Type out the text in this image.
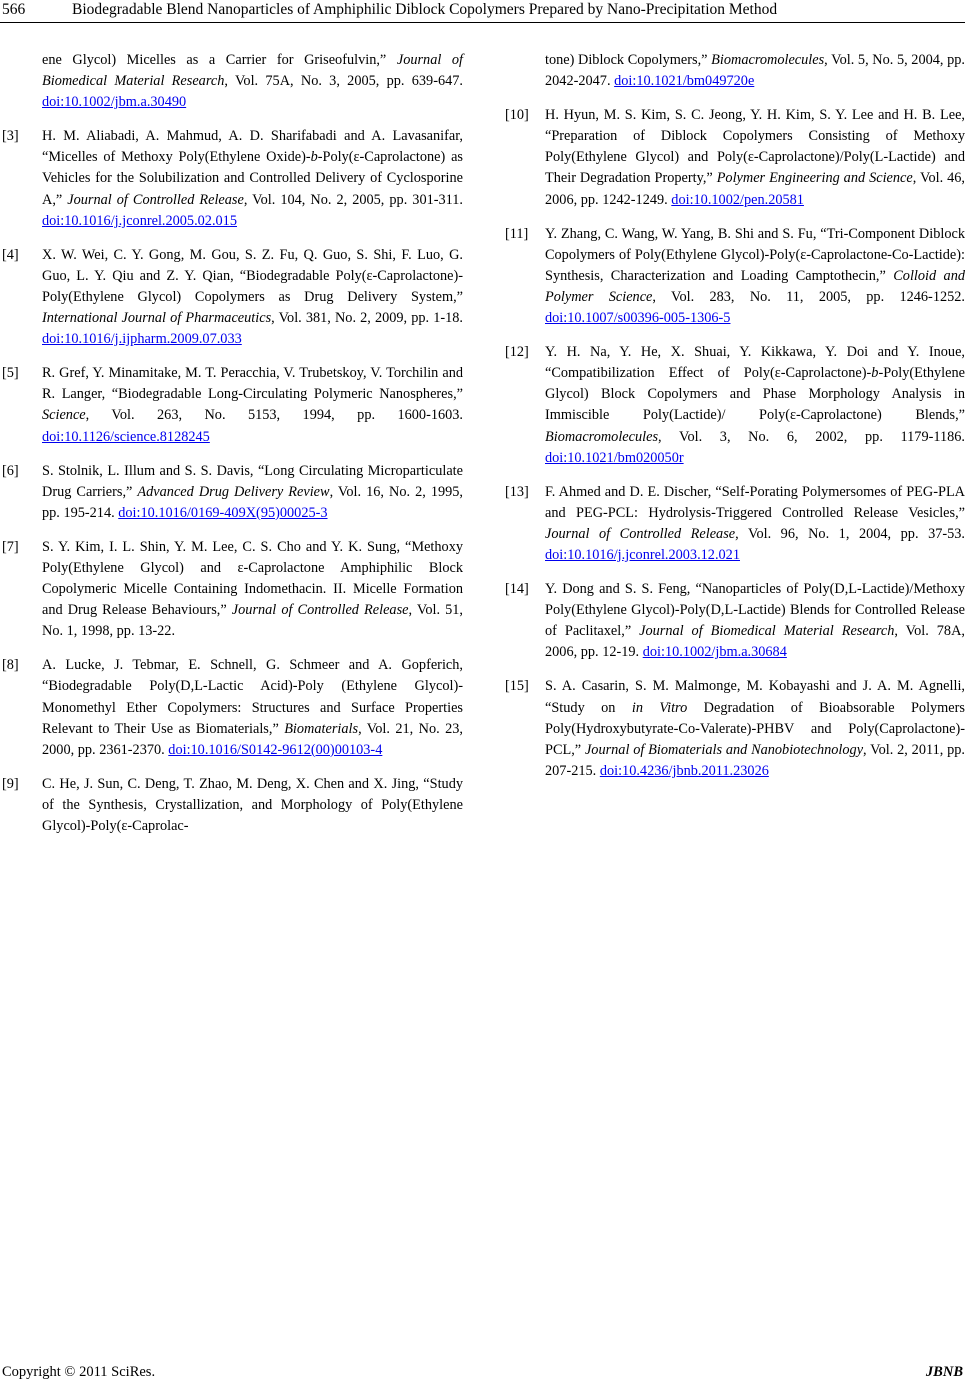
566	Biodegradable Blend Nanoparticles of Amphiphilic Diblock Copolymers Prepared by Nano-Precipitation Method
ene Glycol) Micelles as a Carrier for Griseofulvin,” Journal of Biomedical Material Research, Vol. 75A, No. 3, 2005, pp. 639-647. doi:10.1002/jbm.a.30490
[3] H. M. Aliabadi, A. Mahmud, A. D. Sharifabadi and A. Lavasanifar, “Micelles of Methoxy Poly(Ethylene Oxide)-b-Poly(ε-Caprolactone) as Vehicles for the Solubilization and Controlled Delivery of Cyclosporine A,” Journal of Controlled Release, Vol. 104, No. 2, 2005, pp. 301-311. doi:10.1016/j.jconrel.2005.02.015
[4] X. W. Wei, C. Y. Gong, M. Gou, S. Z. Fu, Q. Guo, S. Shi, F. Luo, G. Guo, L. Y. Qiu and Z. Y. Qian, “Biodegradable Poly(ε-Caprolactone)-Poly(Ethylene Glycol) Copolymers as Drug Delivery System,” International Journal of Pharmaceutics, Vol. 381, No. 2, 2009, pp. 1-18. doi:10.1016/j.ijpharm.2009.07.033
[5] R. Gref, Y. Minamitake, M. T. Peracchia, V. Trubetskoy, V. Torchilin and R. Langer, “Biodegradable Long-Circulating Polymeric Nanospheres,” Science, Vol. 263, No. 5153, 1994, pp. 1600-1603. doi:10.1126/science.8128245
[6] S. Stolnik, L. Illum and S. S. Davis, “Long Circulating Microparticulate Drug Carriers,” Advanced Drug Delivery Review, Vol. 16, No. 2, 1995, pp. 195-214. doi:10.1016/0169-409X(95)00025-3
[7] S. Y. Kim, I. L. Shin, Y. M. Lee, C. S. Cho and Y. K. Sung, “Methoxy Poly(Ethylene Glycol) and ε-Caprolactone Amphiphilic Block Copolymeric Micelle Containing Indomethacin. II. Micelle Formation and Drug Release Behaviours,” Journal of Controlled Release, Vol. 51, No. 1, 1998, pp. 13-22.
[8] A. Lucke, J. Tebmar, E. Schnell, G. Schmeer and A. Gopferich, “Biodegradable Poly(D,L-Lactic Acid)-Poly (Ethylene Glycol)-Monomethyl Ether Copolymers: Structures and Surface Properties Relevant to Their Use as Biomaterials,” Biomaterials, Vol. 21, No. 23, 2000, pp. 2361-2370. doi:10.1016/S0142-9612(00)00103-4
[9] C. He, J. Sun, C. Deng, T. Zhao, M. Deng, X. Chen and X. Jing, “Study of the Synthesis, Crystallization, and Morphology of Poly(Ethylene Glycol)-Poly(ε-Caprolac-
tone) Diblock Copolymers,” Biomacromolecules, Vol. 5, No. 5, 2004, pp. 2042-2047. doi:10.1021/bm049720e
[10] H. Hyun, M. S. Kim, S. C. Jeong, Y. H. Kim, S. Y. Lee and H. B. Lee, “Preparation of Diblock Copolymers Consisting of Methoxy Poly(Ethylene Glycol) and Poly(ε-Caprolactone)/Poly(L-Lactide) and Their Degradation Property,” Polymer Engineering and Science, Vol. 46, 2006, pp. 1242-1249. doi:10.1002/pen.20581
[11] Y. Zhang, C. Wang, W. Yang, B. Shi and S. Fu, “Tri-Component Diblock Copolymers of Poly(Ethylene Glycol)-Poly(ε-Caprolactone-Co-Lactide): Synthesis, Characterization and Loading Camptothecin,” Colloid and Polymer Science, Vol. 283, No. 11, 2005, pp. 1246-1252. doi:10.1007/s00396-005-1306-5
[12] Y. H. Na, Y. He, X. Shuai, Y. Kikkawa, Y. Doi and Y. Inoue, “Compatibilization Effect of Poly(ε-Caprolactone)-b-Poly(Ethylene Glycol) Block Copolymers and Phase Morphology Analysis in Immiscible Poly(Lactide)/ Poly(ε-Caprolactone) Blends,” Biomacromolecules, Vol. 3, No. 6, 2002, pp. 1179-1186. doi:10.1021/bm020050r
[13] F. Ahmed and D. E. Discher, “Self-Porating Polymersomes of PEG-PLA and PEG-PCL: Hydrolysis-Triggered Controlled Release Vesicles,” Journal of Controlled Release, Vol. 96, No. 1, 2004, pp. 37-53. doi:10.1016/j.jconrel.2003.12.021
[14] Y. Dong and S. S. Feng, “Nanoparticles of Poly(D,L-Lactide)/Methoxy Poly(Ethylene Glycol)-Poly(D,L-Lactide) Blends for Controlled Release of Paclitaxel,” Journal of Biomedical Material Research, Vol. 78A, 2006, pp. 12-19. doi:10.1002/jbm.a.30684
[15] S. A. Casarin, S. M. Malmonge, M. Kobayashi and J. A. M. Agnelli, “Study on in Vitro Degradation of Bioabsorable Polymers Poly(Hydroxybutyrate-Co-Valerate)-PHBV and Poly(Caprolactone)-PCL,” Journal of Biomaterials and Nanobiotechnology, Vol. 2, 2011, pp. 207-215. doi:10.4236/jbnb.2011.23026
Copyright © 2011 SciRes.	JBNB
